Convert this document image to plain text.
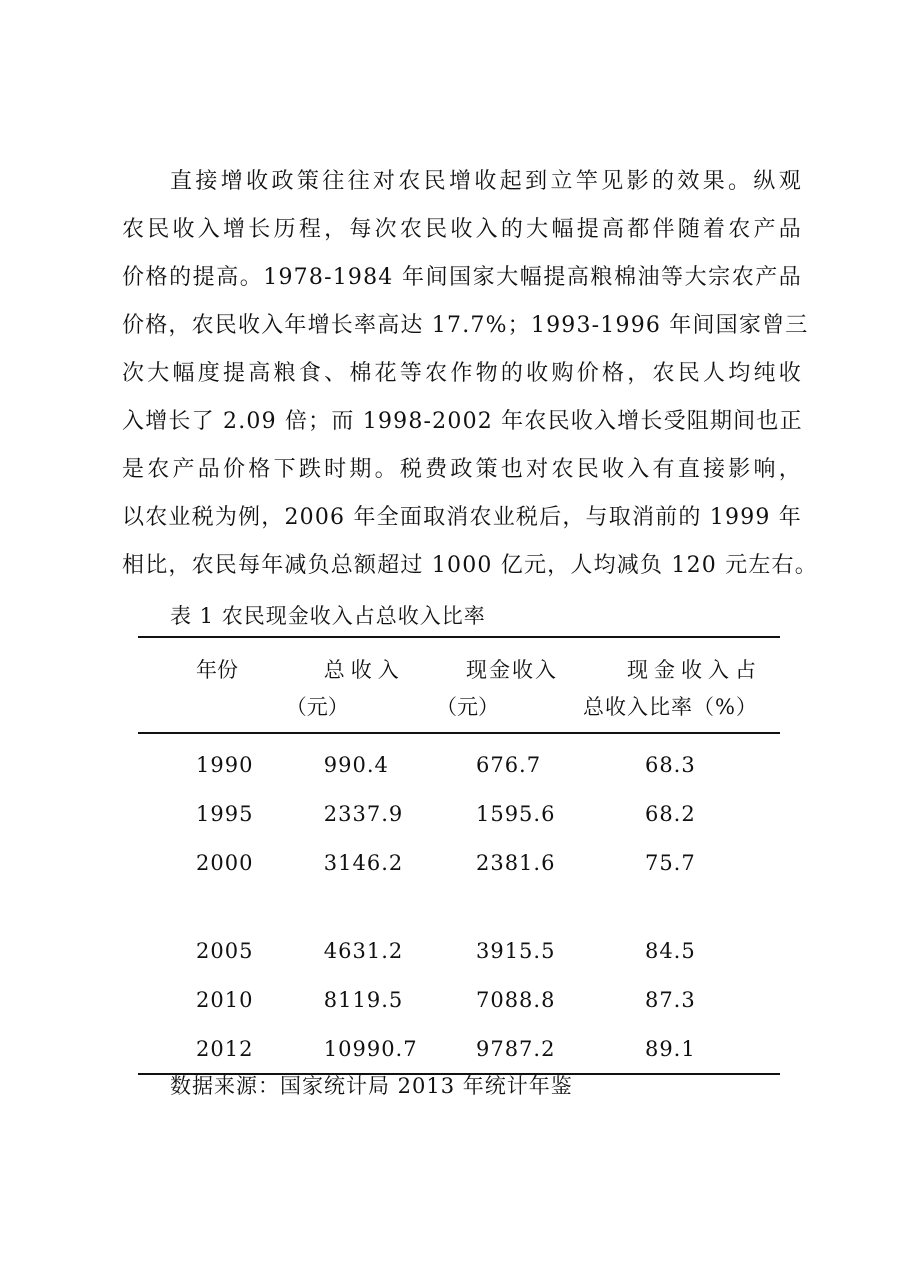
直接增收政策往往对农民增收起到立竿见影的效果。纵观
农民收入增长历程，每次农民收入的大幅提高都伴随着农产品
价格的提高。1978-1984 年间国家大幅提高粮棉油等大宗农产品
价格，农民收入年增长率高达 17.7%；1993-1996 年间国家曾三
次大幅度提高粮食、棉花等农作物的收购价格，农民人均纯收
入增长了 2.09 倍；而 1998-2002 年农民收入增长受阻期间也正
是农产品价格下跌时期。税费政策也对农民收入有直接影响，
以农业税为例，2006 年全面取消农业税后，与取消前的 1999 年
相比，农民每年减负总额超过 1000 亿元，人均减负 120 元左右。
表 1 农民现金收入占总收入比率
年份	总收入	现金收入	现金收入占
	（元）	（元）	总收入比率（%）
1990	990.4	676.7	68.3
1995	2337.9	1595.6	68.2
2000	3146.2	2381.6	75.7
2005	4631.2	3915.5	84.5
2010	8119.5	7088.8	87.3
2012	10990.7	9787.2	89.1
数据来源：国家统计局 2013 年统计年鉴
